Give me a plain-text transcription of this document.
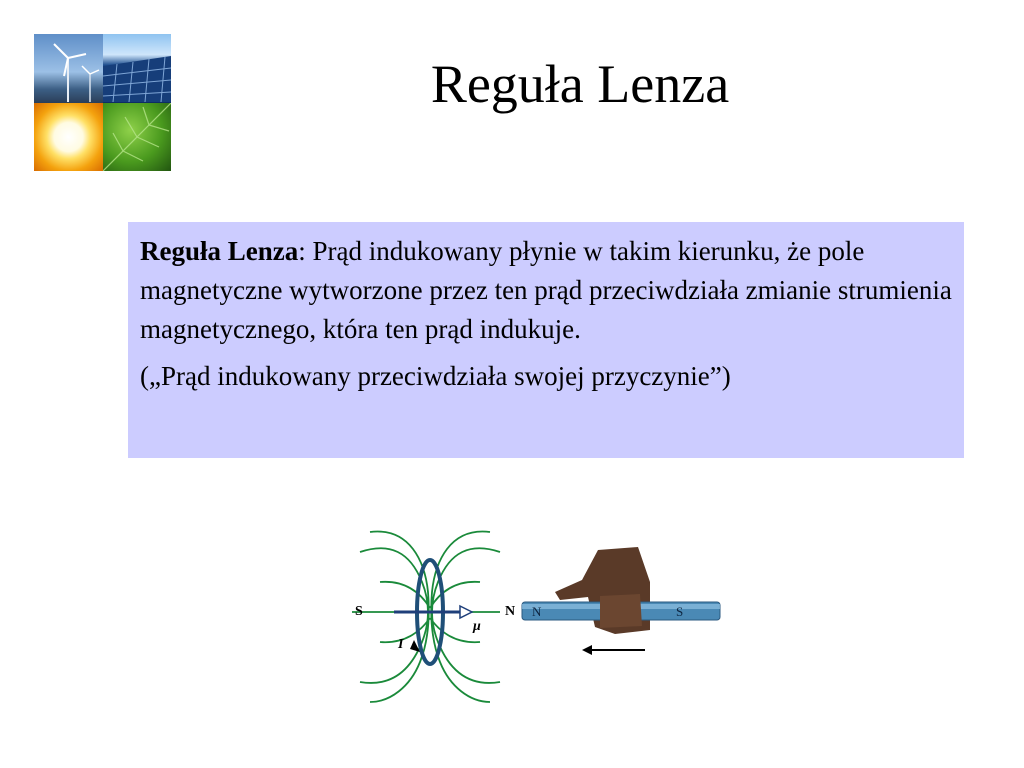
Reguła Lenza

Reguła Lenza: Prąd indukowany płynie w takim kierunku, że pole magnetyczne wytworzone przez ten prąd przeciwdziała zmianie strumienia magnetycznego, która ten prąd indukuje.

(„Prąd indukowany przeciwdziała swojej przyczynie”)

S	N
I
μ
N	S
